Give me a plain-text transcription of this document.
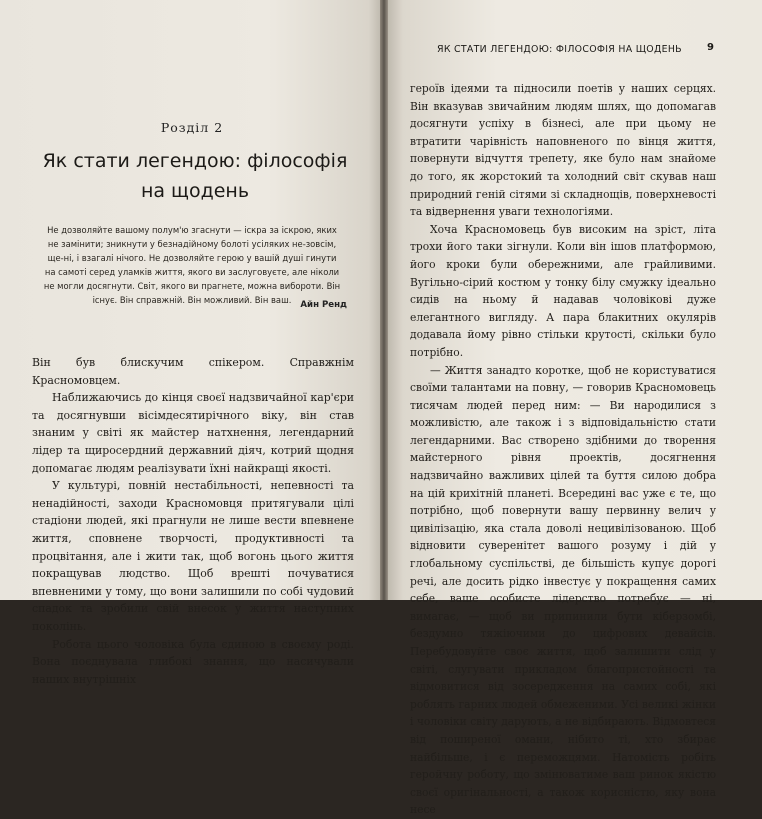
Розділ 2
Як стати легендою: філософія на щодень
Не дозволяйте вашому полум'ю згаснути — іскра за іскрою, яких не замінити; зникнути у безнадійному болоті усіляких не-зовсім, ще-ні, і взагалі нічого. Не дозволяйте герою у вашій душі гинути на самоті серед уламків життя, якого ви заслуговуєте, але ніколи не могли досягнути. Світ, якого ви прагнете, можна вибороти. Він існує. Він справжній. Він можливий. Він ваш.	Айн Ренд

Він був блискучим спікером. Справжнім Красномовцем.

Наближаючись до кінця своєї надзвичайної кар'єри та досягнувши вісімдесятирічного віку, він став знаним у світі як майстер натхнення, легендарний лідер та щиросердний державний діяч, котрий щодня допомагає людям реалізувати їхні найкращі якості.

У культурі, повній нестабільності, непевності та ненадійності, заходи Красномовця притягували цілі стадіони людей, які прагнули не лише вести впевнене життя, сповнене творчості, продуктивності та процвітання, але і жити так, щоб вогонь цього життя покращував людство. Щоб врешті почуватися впевненими у тому, що вони залишили по собі чудовий спадок та зробили свій внесок у життя наступних поколінь.

Робота цього чоловіка була єдиною в своєму роді. Вона поєднувала глибокі знання, що насичували наших внутрішніх

ЯК СТАТИ ЛЕГЕНДОЮ: ФІЛОСОФІЯ НА ЩОДЕНЬ	9

героїв ідеями та підносили поетів у наших серцях. Він вказував звичайним людям шлях, що допомагав досягнути успіху в бізнесі, але при цьому не втратити чарівність наповненого по вінця життя, повернути відчуття трепету, яке було нам знайоме до того, як жорстокий та холодний світ скував наш природний геній сітями зі складнощів, поверхневості та відвернення уваги технологіями.

Хоча Красномовець був високим на зріст, літа трохи його таки зігнули. Коли він ішов платформою, його кроки були обережними, але грайливими. Вугільно-сірий костюм у тонку білу смужку ідеально сидів на ньому й надавав чоловікові дуже елегантного вигляду. А пара блакитних окулярів додавала йому рівно стільки крутості, скільки було потрібно.

— Життя занадто коротке, щоб не користуватися своїми талантами на повну, — говорив Красномовець тисячам людей перед ним: — Ви народилися з можливістю, але також і з відповідальністю стати легендарними. Вас створено здібними до творення майстерного рівня проектів, досягнення надзвичайно важливих цілей та буття силою добра на цій крихітній планеті. Всередині вас уже є те, що потрібно, щоб повернути вашу первинну велич у цивілізацію, яка стала доволі нецивілізованою. Щоб відновити суверенітет вашого розуму і дій у глобальному суспільстві, де більшість купує дорогі речі, але досить рідко інвестує у покращення самих себе, ваше особисте лідерство потребує — ні, вимагає, — щоб ви припинили бути кіберзомбі, бездумно тяжіючими до цифрових девайсів. Перебудовуйте своє життя, щоб залишити слід у світі, слугувати прикладом благопристойності та відмовитися від зосередження на самих собі, які роблять гарних людей обмеженими. Усі великі жінки і чоловіки світу дарують, а не відбирають. Відмовтеся від поширеної омани, нібито ті, хто збирає найбільше, і є переможцями. Натомість робіть геройчну роботу, що змінюватиме ваш ринок якістю своєї оригінальності, а також корисністю, яку вона несе
